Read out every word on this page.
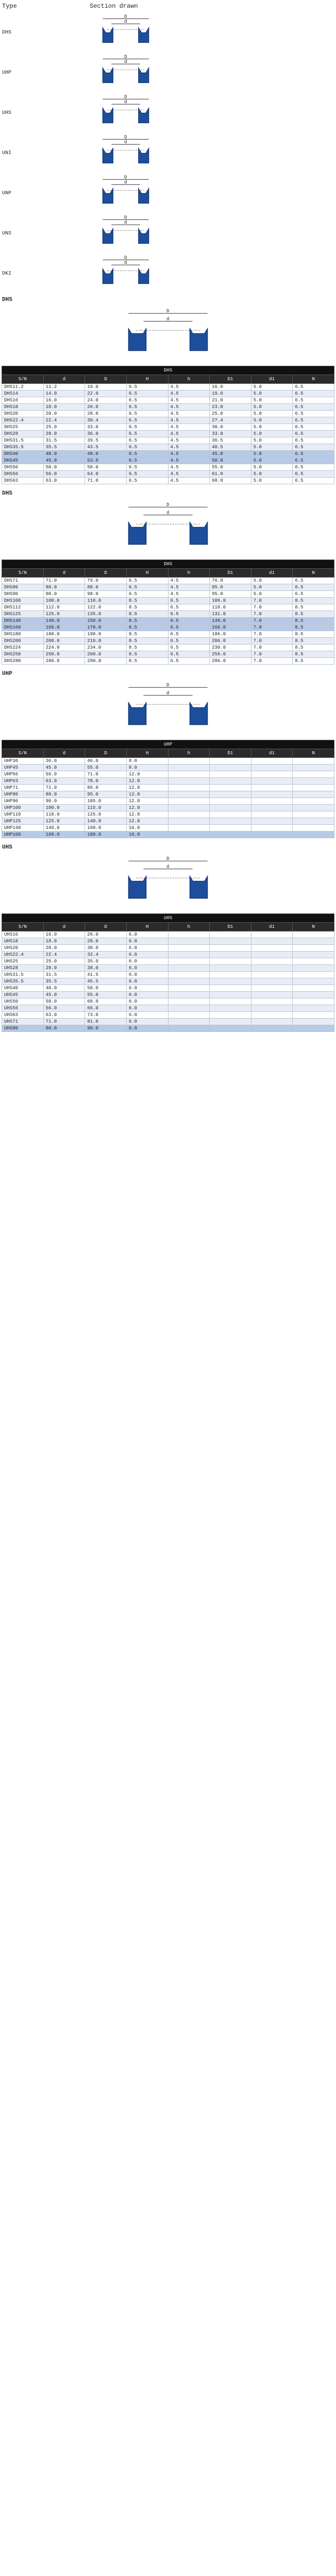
Type	Section drawn
DHS
D
d
UHP
D
d
UHS
D
d
UNI
D
d
UNP
D
d
UNS
D
d
DKI
D
d
DHS
D
d
DHS							
S/N	d	D	H	h	D1	d1	N
DHS11.2	11.2	19.0	6.5	4.5	16.0	5.0	6.5
DHS14	14.0	22.0	6.5	4.5	19.0	5.0	6.5
DHS16	16.0	24.0	6.5	4.5	21.0	5.0	6.5
DHS18	18.0	26.0	6.5	4.5	23.0	5.0	6.5
DHS20	20.0	28.0	6.5	4.5	25.0	5.0	6.5
DHS22.4	22.4	30.4	6.5	4.5	27.4	5.0	6.5
DHS25	25.0	33.0	6.5	4.5	30.0	5.0	6.5
DHS28	28.0	36.0	6.5	4.5	33.0	5.0	6.5
DHS31.5	31.5	39.5	6.5	4.5	36.5	5.0	6.5
DHS35.5	35.5	43.5	6.5	4.5	40.5	5.0	6.5
DHS40	40.0	48.0	6.5	4.5	45.0	5.0	6.5
DHS45	45.0	53.0	6.5	4.5	50.0	5.0	6.5
DHS50	50.0	58.0	6.5	4.5	55.0	5.0	6.5
DHS56	56.0	64.0	6.5	4.5	61.0	5.0	6.5
DHS63	63.0	71.0	6.5	4.5	68.0	5.0	6.5
DHS
D
d
DHS							
S/N	d	D	H	h	D1	d1	N
DHS71	71.0	79.0	6.5	4.5	76.0	5.0	6.5
DHS80	80.0	88.0	6.5	4.5	85.0	5.0	6.5
DHS90	90.0	98.0	6.5	4.5	95.0	5.0	6.5
DHS100	100.0	110.0	8.5	6.5	106.0	7.0	8.5
DHS112	112.0	122.0	8.5	6.5	118.0	7.0	8.5
DHS125	125.0	135.0	8.5	6.5	131.0	7.0	8.5
DHS140	140.0	150.0	8.5	6.5	146.0	7.0	8.5
DHS160	160.0	170.0	8.5	6.5	166.0	7.0	8.5
DHS180	180.0	190.0	8.5	6.5	186.0	7.0	8.5
DHS200	200.0	210.0	8.5	6.5	206.0	7.0	8.5
DHS224	224.0	234.0	8.5	6.5	230.0	7.0	8.5
DHS250	250.0	260.0	8.5	6.5	256.0	7.0	8.5
DHS280	280.0	290.0	8.5	6.5	286.0	7.0	8.5
UHP
D
d
UHP							
S/N	d	D	H	h	D1	d1	N
UHP36	36.0	46.0	8.0				
UHP45	45.0	55.0	8.0				
UHP56	56.0	71.0	12.0				
UHP63	63.0	78.0	12.0				
UHP71	71.0	86.0	12.0				
UHP80	80.0	95.0	12.0				
UHP90	90.0	105.0	12.0				
UHP100	100.0	115.0	12.0				
UHP110	110.0	125.0	12.0				
UHP125	125.0	140.0	12.0				
UHP140	140.0	160.0	16.0				
UHP160	160.0	180.0	16.0				
UHS
D
d
UHS							
S/N	d	D	H	h	D1	d1	N
UHS16	16.0	26.0	6.0				
UHS18	18.0	28.0	6.0				
UHS20	20.0	30.0	6.0				
UHS22.4	22.4	32.4	6.0				
UHS25	25.0	35.0	6.0				
UHS28	28.0	38.0	6.0				
UHS31.5	31.5	41.5	6.0				
UHS35.5	35.5	45.5	6.0				
UHS40	40.0	50.0	6.0				
UHS45	45.0	55.0	6.0				
UHS50	50.0	60.0	6.0				
UHS56	56.0	66.0	6.0				
UHS63	63.0	73.0	6.0				
UHS71	71.0	81.0	6.0				
UHS80	80.0	90.0	6.0				
